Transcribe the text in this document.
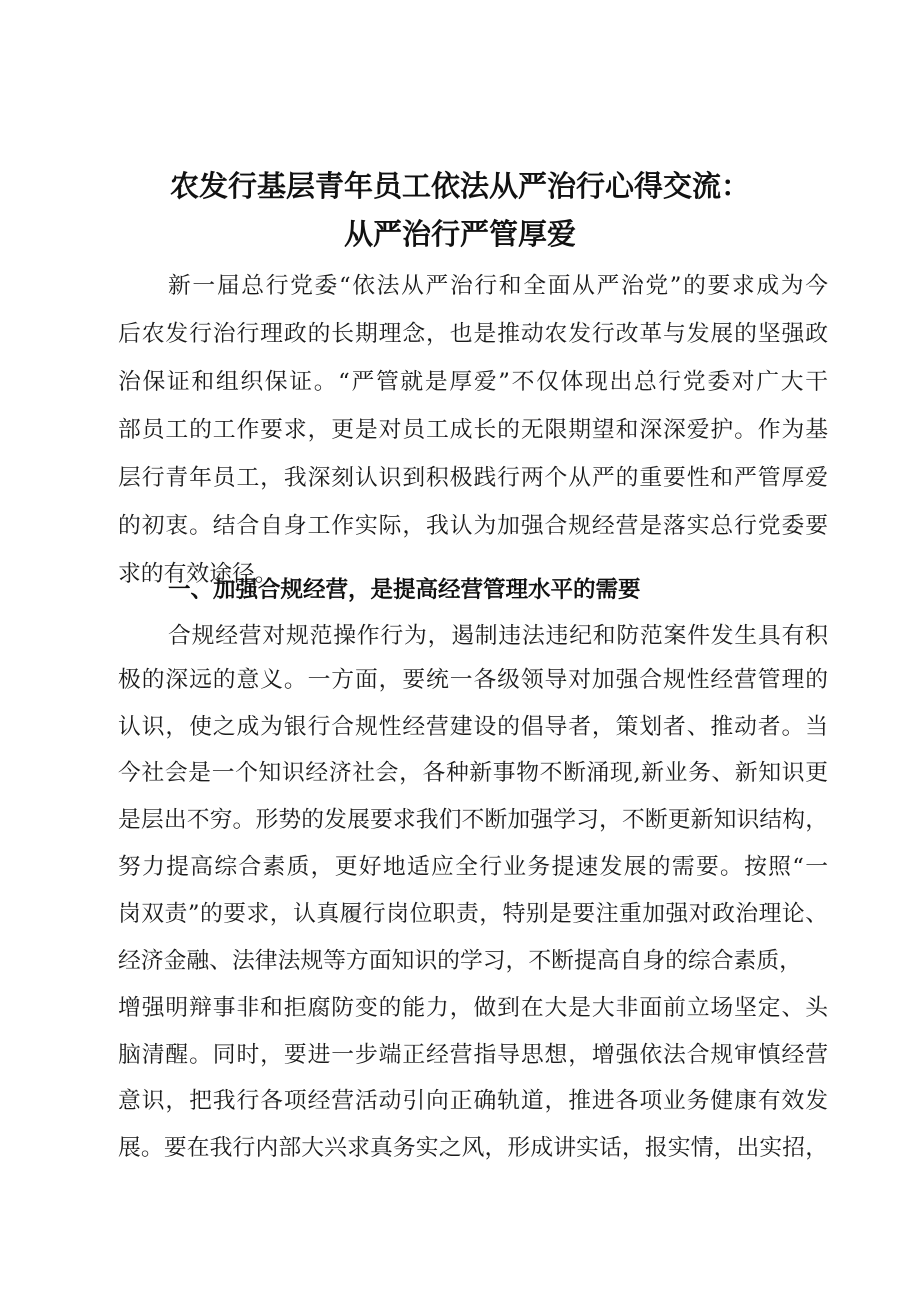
农发行基层青年员工依法从严治行心得交流：
从严治行严管厚爱
新一届总行党委“依法从严治行和全面从严治党”的要求成为今
后农发行治行理政的长期理念，也是推动农发行改革与发展的坚强政
治保证和组织保证。“严管就是厚爱”不仅体现出总行党委对广大干
部员工的工作要求，更是对员工成长的无限期望和深深爱护。作为基
层行青年员工，我深刻认识到积极践行两个从严的重要性和严管厚爱
的初衷。结合自身工作实际，我认为加强合规经营是落实总行党委要
求的有效途径。
一、加强合规经营，是提高经营管理水平的需要
合规经营对规范操作行为，遏制违法违纪和防范案件发生具有积
极的深远的意义。一方面，要统一各级领导对加强合规性经营管理的
认识，使之成为银行合规性经营建设的倡导者，策划者、推动者。当
今社会是一个知识经济社会，各种新事物不断涌现,新业务、新知识更
是层出不穷。形势的发展要求我们不断加强学习，不断更新知识结构，
努力提高综合素质，更好地适应全行业务提速发展的需要。按照“一
岗双责”的要求，认真履行岗位职责，特别是要注重加强对政治理论、
经济金融、法律法规等方面知识的学习，不断提高自身的综合素质，
增强明辩事非和拒腐防变的能力，做到在大是大非面前立场坚定、头
脑清醒。同时，要进一步端正经营指导思想，增强依法合规审慎经营
意识，把我行各项经营活动引向正确轨道，推进各项业务健康有效发
展。要在我行内部大兴求真务实之风，形成讲实话，报实情，出实招，
